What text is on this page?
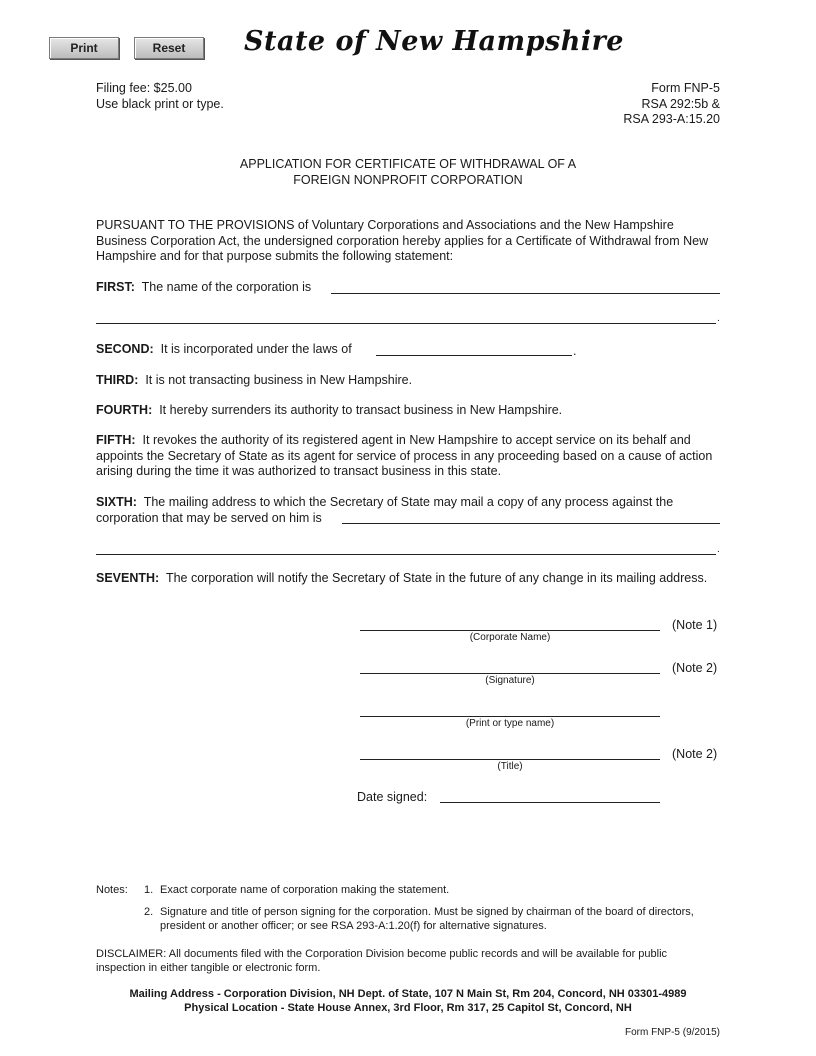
Print	Reset	State of New Hampshire
Filing fee: $25.00
Use black print or type.
Form FNP-5
RSA 292:5b &
RSA 293-A:15.20
APPLICATION FOR CERTIFICATE OF WITHDRAWAL OF A
FOREIGN NONPROFIT CORPORATION
PURSUANT TO THE PROVISIONS of Voluntary Corporations and Associations and the New Hampshire Business Corporation Act, the undersigned corporation hereby applies for a Certificate of Withdrawal from New Hampshire and for that purpose submits the following statement:
FIRST: The name of the corporation is
.
SECOND: It is incorporated under the laws of	.
THIRD: It is not transacting business in New Hampshire.
FOURTH: It hereby surrenders its authority to transact business in New Hampshire.
FIFTH: It revokes the authority of its registered agent in New Hampshire to accept service on its behalf and appoints the Secretary of State as its agent for service of process in any proceeding based on a cause of action arising during the time it was authorized to transact business in this state.
SIXTH: The mailing address to which the Secretary of State may mail a copy of any process against the corporation that may be served on him is
.
SEVENTH: The corporation will notify the Secretary of State in the future of any change in its mailing address.
(Corporate Name)
(Note 1)
(Signature)
(Note 2)
(Print or type name)
(Title)
(Note 2)
Date signed:
Notes: 1. Exact corporate name of corporation making the statement.
2. Signature and title of person signing for the corporation. Must be signed by chairman of the board of directors, president or another officer; or see RSA 293-A:1.20(f) for alternative signatures.
DISCLAIMER: All documents filed with the Corporation Division become public records and will be available for public inspection in either tangible or electronic form.
Mailing Address - Corporation Division, NH Dept. of State, 107 N Main St, Rm 204, Concord, NH 03301-4989
Physical Location - State House Annex, 3rd Floor, Rm 317, 25 Capitol St, Concord, NH
Form FNP-5 (9/2015)
